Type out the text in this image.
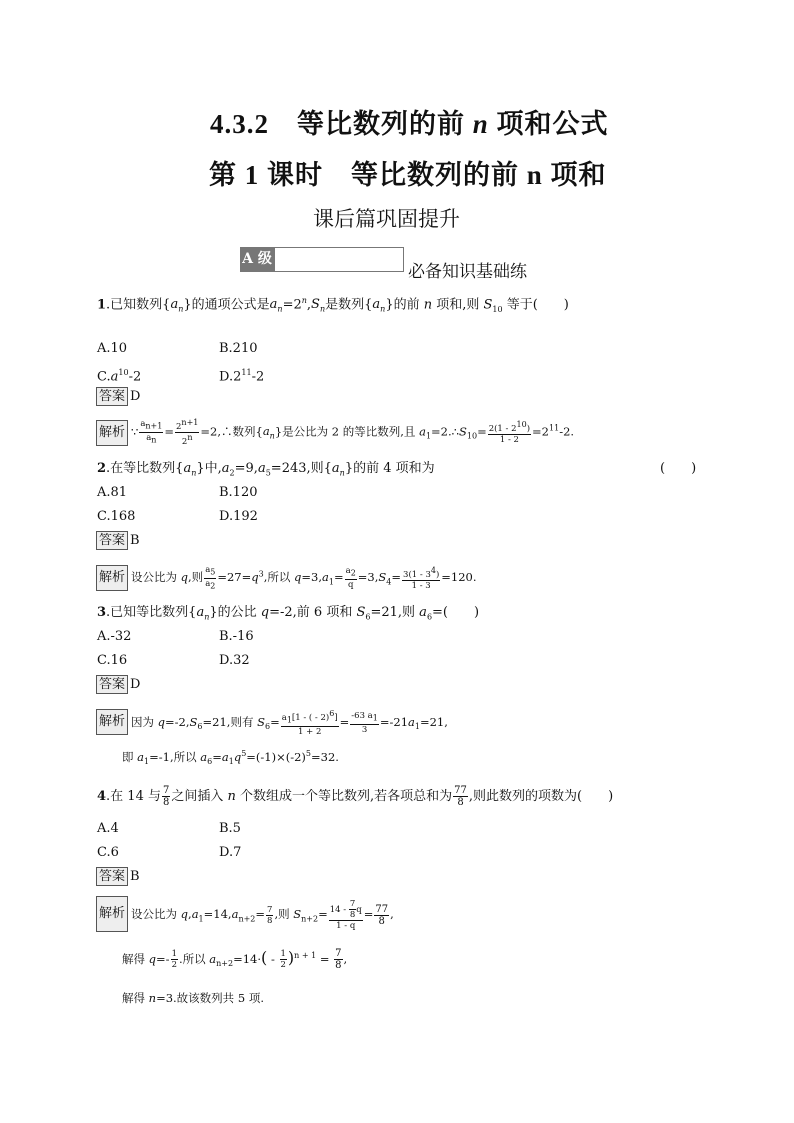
4.3.2　等比数列的前 n 项和公式
第 1 课时　等比数列的前 n 项和
课后篇巩固提升
A 级
必备知识基础练
1.已知数列$\{a_n\}$的通项公式是$a_n=2^n,S_n$是数列$\{a_n\}$的前 n 项和,则 $S_{10}$ 等于(　　)
A.10	B.210
$C.a^{10}-2$	$D.2^{11}-2$
答案 D
解析 ∵ $\frac{a_{n+1}}{a_n} = \frac{2^{n+1}}{2^n}$ =2,∴数列$\{a_n\}$是公比为 2 的等比数列,且 $a_1=2.\therefore S_{10}= \frac{2(1 - 2^{10})}{1 - 2} =2^{11}-2$.
2.在等比数列$\{a_n\}$中$,a_2=9,a_5=243$,则$\{a_n\}$的前 4 项和为	(　　)
A.81	B.120
C.168	D.192
答案 B
解析 设公比为 q,则 $\frac{a_5}{a_2} =27=q^3$,所以 $q=3,a_1= \frac{a_2}{q} =3,S_4= \frac{3(1 - 3^4)}{1 - 3} =120$.
3.已知等比数列$\{a_n\}$的公比 q=-2,前 6 项和 $S_6=21$,则 $a_6=$(　　)
A.-32	B.-16
C.16	D.32
答案 D
解析 因为 $q=-2,S_6=21$,则有 $S_6= \frac{a_1[1 - ( - 2)^6]}{1 + 2} = \frac{-63 a_1}{3} =-21a_1=21$,
即 $a_1=-1$,所以 $a_6=a_1q^5=(-1)\times(-2)^5=32$.
4.在 14 与 $\frac{7}{8}$ 之间插入 n 个数组成一个等比数列,若各项总和为 $\frac{77}{8}$ ,则此数列的项数为(　　)
A.4	B.5
C.6	D.7
答案 B
解析 设公比为 $q,a_1=14,a_{n+2}= \frac{7}{8}$ ,则 $S_{n+2}= \frac{14 - \frac{7}{8} q}{1 - q} = \frac{77}{8}$ ,
解得 $q=- \frac{1}{2}$ .所以 $a_{n+2}=14\cdot( - \frac{1}{2} )^{n + 1} = \frac{7}{8}$ ,
解得 n=3.故该数列共 5 项.
